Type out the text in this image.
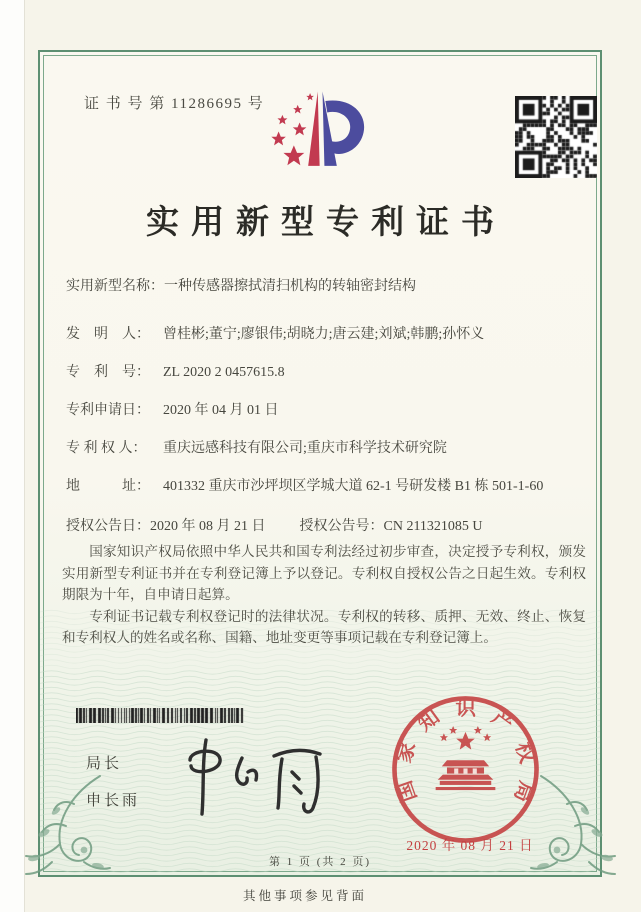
证 书 号 第 11286695 号
实用新型专利证书
实用新型名称： 一种传感器擦拭清扫机构的转轴密封结构
发　明　人： 曾桂彬;董宁;廖银伟;胡晓力;唐云建;刘斌;韩鹏;孙怀义
专　利　号： ZL 2020 2 0457615.8
专利申请日： 2020 年 04 月 01 日
专 利 权 人：	重庆远感科技有限公司;重庆市科学技术研究院
地　　　址： 401332 重庆市沙坪坝区学城大道 62-1 号研发楼 B1 栋 501-1-60
授权公告日： 2020 年 08 月 21 日 授权公告号： CN 211321085 U

国家知识产权局依照中华人民共和国专利法经过初步审查，决定授予专利权，颁发实用新型专利证书并在专利登记簿上予以登记。专利权自授权公告之日起生效。专利权期限为十年，自申请日起算。

专利证书记载专利权登记时的法律状况。专利权的转移、质押、无效、终止、恢复和专利权人的姓名或名称、国籍、地址变更等事项记载在专利登记簿上。

局长
申长雨	国家知识产权局
2020 年 08 月 21 日
第 1 页 (共 2 页)
其他事项参见背面
